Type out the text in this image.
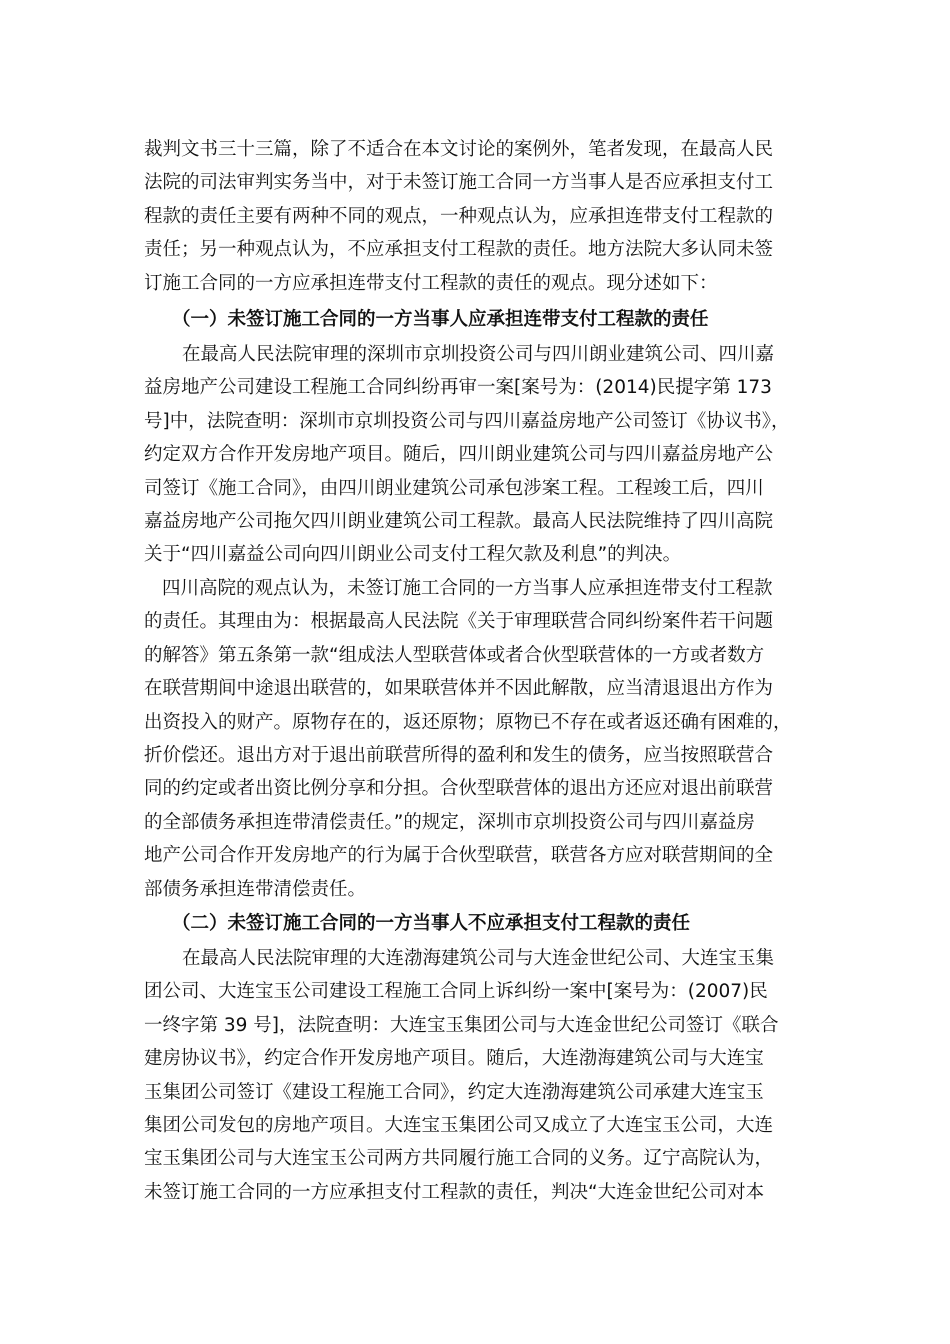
裁判文书三十三篇，除了不适合在本文讨论的案例外，笔者发现，在最高人民
法院的司法审判实务当中，对于未签订施工合同一方当事人是否应承担支付工
程款的责任主要有两种不同的观点，一种观点认为，应承担连带支付工程款的
责任；另一种观点认为，不应承担支付工程款的责任。地方法院大多认同未签
订施工合同的一方应承担连带支付工程款的责任的观点。现分述如下：
（一）未签订施工合同的一方当事人应承担连带支付工程款的责任
在最高人民法院审理的深圳市京圳投资公司与四川朗业建筑公司、四川嘉
益房地产公司建设工程施工合同纠纷再审一案[案号为：(2014)民提字第 173
号]中，法院查明：深圳市京圳投资公司与四川嘉益房地产公司签订《协议书》，
约定双方合作开发房地产项目。随后，四川朗业建筑公司与四川嘉益房地产公
司签订《施工合同》，由四川朗业建筑公司承包涉案工程。工程竣工后，四川
嘉益房地产公司拖欠四川朗业建筑公司工程款。最高人民法院维持了四川高院
关于“四川嘉益公司向四川朗业公司支付工程欠款及利息”的判决。
四川高院的观点认为，未签订施工合同的一方当事人应承担连带支付工程款
的责任。其理由为：根据最高人民法院《关于审理联营合同纠纷案件若干问题
的解答》第五条第一款“组成法人型联营体或者合伙型联营体的一方或者数方
在联营期间中途退出联营的，如果联营体并不因此解散，应当清退退出方作为
出资投入的财产。原物存在的，返还原物；原物已不存在或者返还确有困难的，
折价偿还。退出方对于退出前联营所得的盈利和发生的债务，应当按照联营合
同的约定或者出资比例分享和分担。合伙型联营体的退出方还应对退出前联营
的全部债务承担连带清偿责任。”的规定，深圳市京圳投资公司与四川嘉益房
地产公司合作开发房地产的行为属于合伙型联营，联营各方应对联营期间的全
部债务承担连带清偿责任。
（二）未签订施工合同的一方当事人不应承担支付工程款的责任
在最高人民法院审理的大连渤海建筑公司与大连金世纪公司、大连宝玉集
团公司、大连宝玉公司建设工程施工合同上诉纠纷一案中[案号为：(2007)民
一终字第 39 号]，法院查明：大连宝玉集团公司与大连金世纪公司签订《联合
建房协议书》，约定合作开发房地产项目。随后，大连渤海建筑公司与大连宝
玉集团公司签订《建设工程施工合同》，约定大连渤海建筑公司承建大连宝玉
集团公司发包的房地产项目。大连宝玉集团公司又成立了大连宝玉公司，大连
宝玉集团公司与大连宝玉公司两方共同履行施工合同的义务。辽宁高院认为，
未签订施工合同的一方应承担支付工程款的责任，判决“大连金世纪公司对本
